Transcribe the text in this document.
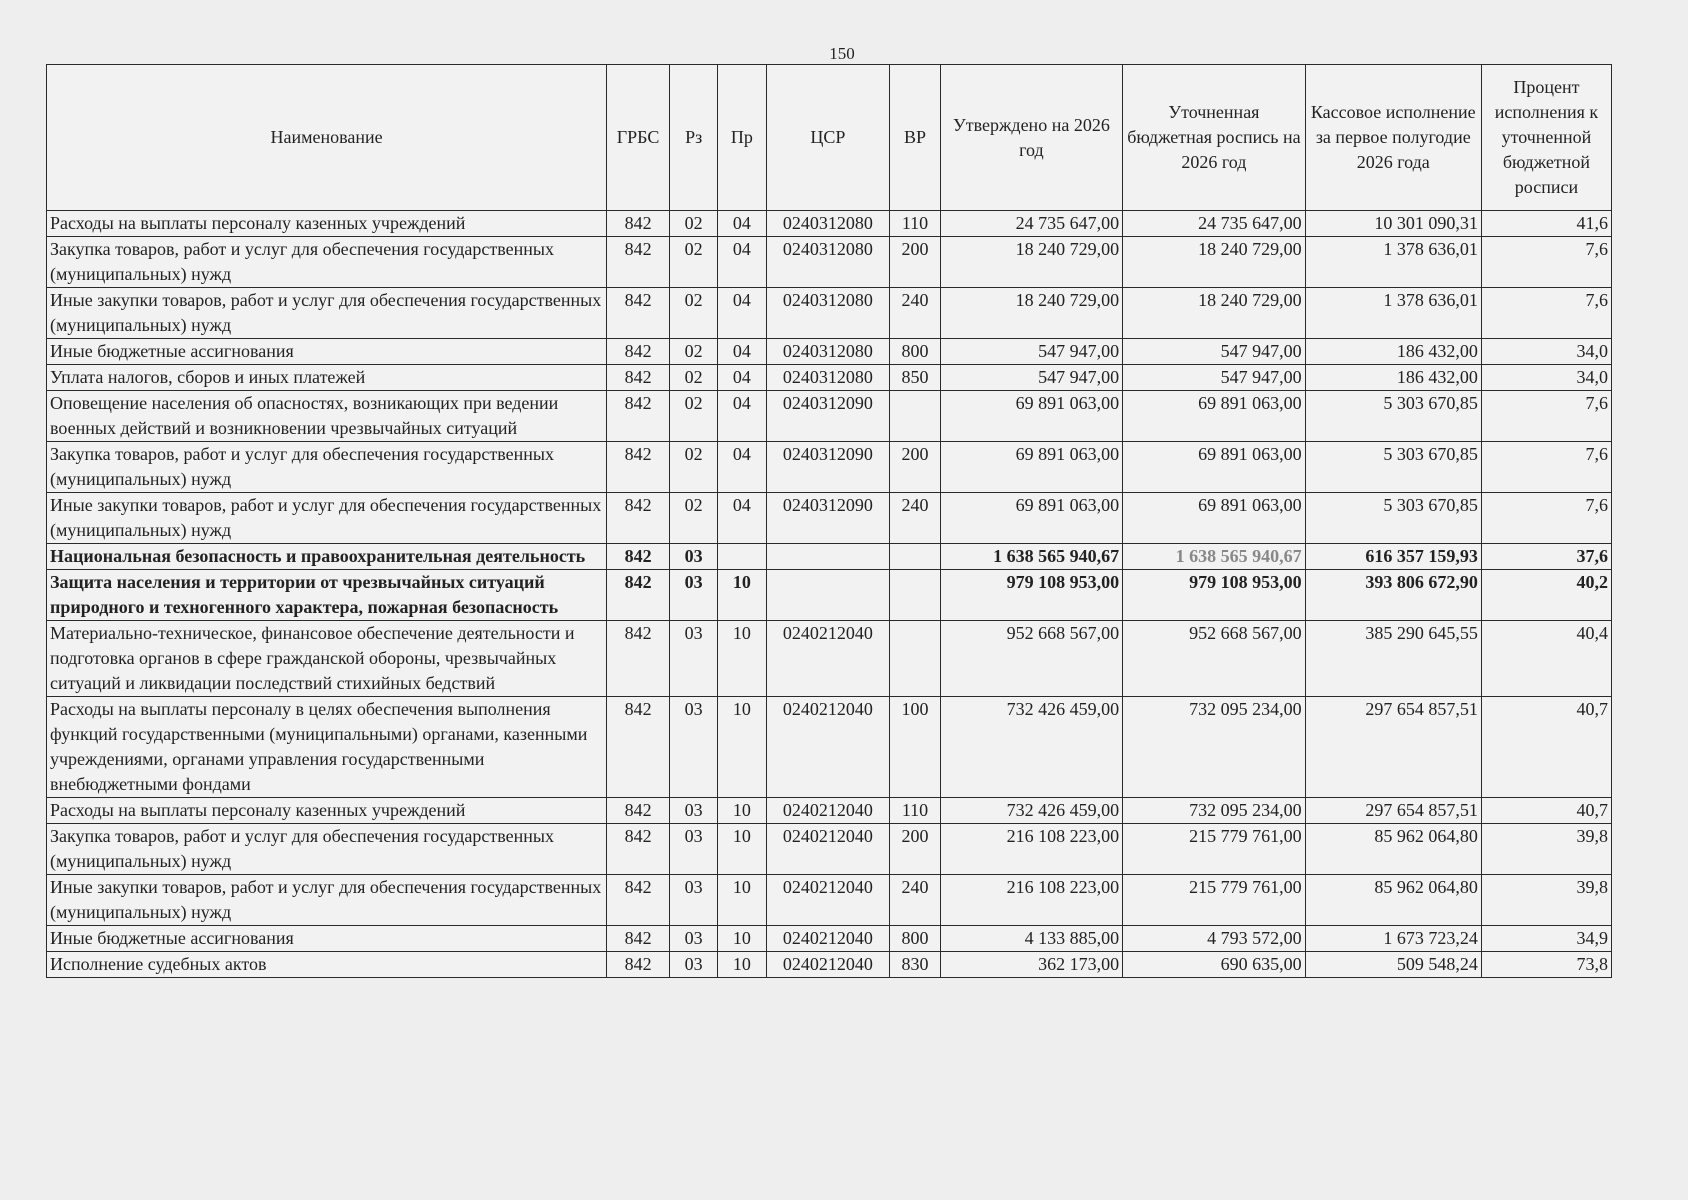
150
Наименование	ГРБС	Рз	Пр	ЦСР	ВР	Утверждено на 2026 год	Уточненная бюджетная роспись на 2026 год	Кассовое исполнение за первое полугодие 2026 года	Процент исполнения к уточненной бюджетной росписи
Расходы на выплаты персоналу казенных учреждений	842	02	04	0240312080	110	24 735 647,00	24 735 647,00	10 301 090,31	41,6
Закупка товаров, работ и услуг для обеспечения государственных (муниципальных) нужд	842	02	04	0240312080	200	18 240 729,00	18 240 729,00	1 378 636,01	7,6
Иные закупки товаров, работ и услуг для обеспечения государственных (муниципальных) нужд	842	02	04	0240312080	240	18 240 729,00	18 240 729,00	1 378 636,01	7,6
Иные бюджетные ассигнования	842	02	04	0240312080	800	547 947,00	547 947,00	186 432,00	34,0
Уплата налогов, сборов и иных платежей	842	02	04	0240312080	850	547 947,00	547 947,00	186 432,00	34,0
Оповещение населения об опасностях, возникающих при ведении военных действий и возникновении чрезвычайных ситуаций	842	02	04	0240312090		69 891 063,00	69 891 063,00	5 303 670,85	7,6
Закупка товаров, работ и услуг для обеспечения государственных (муниципальных) нужд	842	02	04	0240312090	200	69 891 063,00	69 891 063,00	5 303 670,85	7,6
Иные закупки товаров, работ и услуг для обеспечения государственных (муниципальных) нужд	842	02	04	0240312090	240	69 891 063,00	69 891 063,00	5 303 670,85	7,6
Национальная безопасность и правоохранительная деятельность	842	03				1 638 565 940,67	1 638 565 940,67	616 357 159,93	37,6
Защита населения и территории от чрезвычайных ситуаций природного и техногенного характера, пожарная безопасность	842	03	10			979 108 953,00	979 108 953,00	393 806 672,90	40,2
Материально-техническое, финансовое обеспечение деятельности и подготовка органов в сфере гражданской обороны, чрезвычайных ситуаций и ликвидации последствий стихийных бедствий	842	03	10	0240212040		952 668 567,00	952 668 567,00	385 290 645,55	40,4
Расходы на выплаты персоналу в целях обеспечения выполнения функций государственными (муниципальными) органами, казенными учреждениями, органами управления государственными внебюджетными фондами	842	03	10	0240212040	100	732 426 459,00	732 095 234,00	297 654 857,51	40,7
Расходы на выплаты персоналу казенных учреждений	842	03	10	0240212040	110	732 426 459,00	732 095 234,00	297 654 857,51	40,7
Закупка товаров, работ и услуг для обеспечения государственных (муниципальных) нужд	842	03	10	0240212040	200	216 108 223,00	215 779 761,00	85 962 064,80	39,8
Иные закупки товаров, работ и услуг для обеспечения государственных (муниципальных) нужд	842	03	10	0240212040	240	216 108 223,00	215 779 761,00	85 962 064,80	39,8
Иные бюджетные ассигнования	842	03	10	0240212040	800	4 133 885,00	4 793 572,00	1 673 723,24	34,9
Исполнение судебных актов	842	03	10	0240212040	830	362 173,00	690 635,00	509 548,24	73,8
